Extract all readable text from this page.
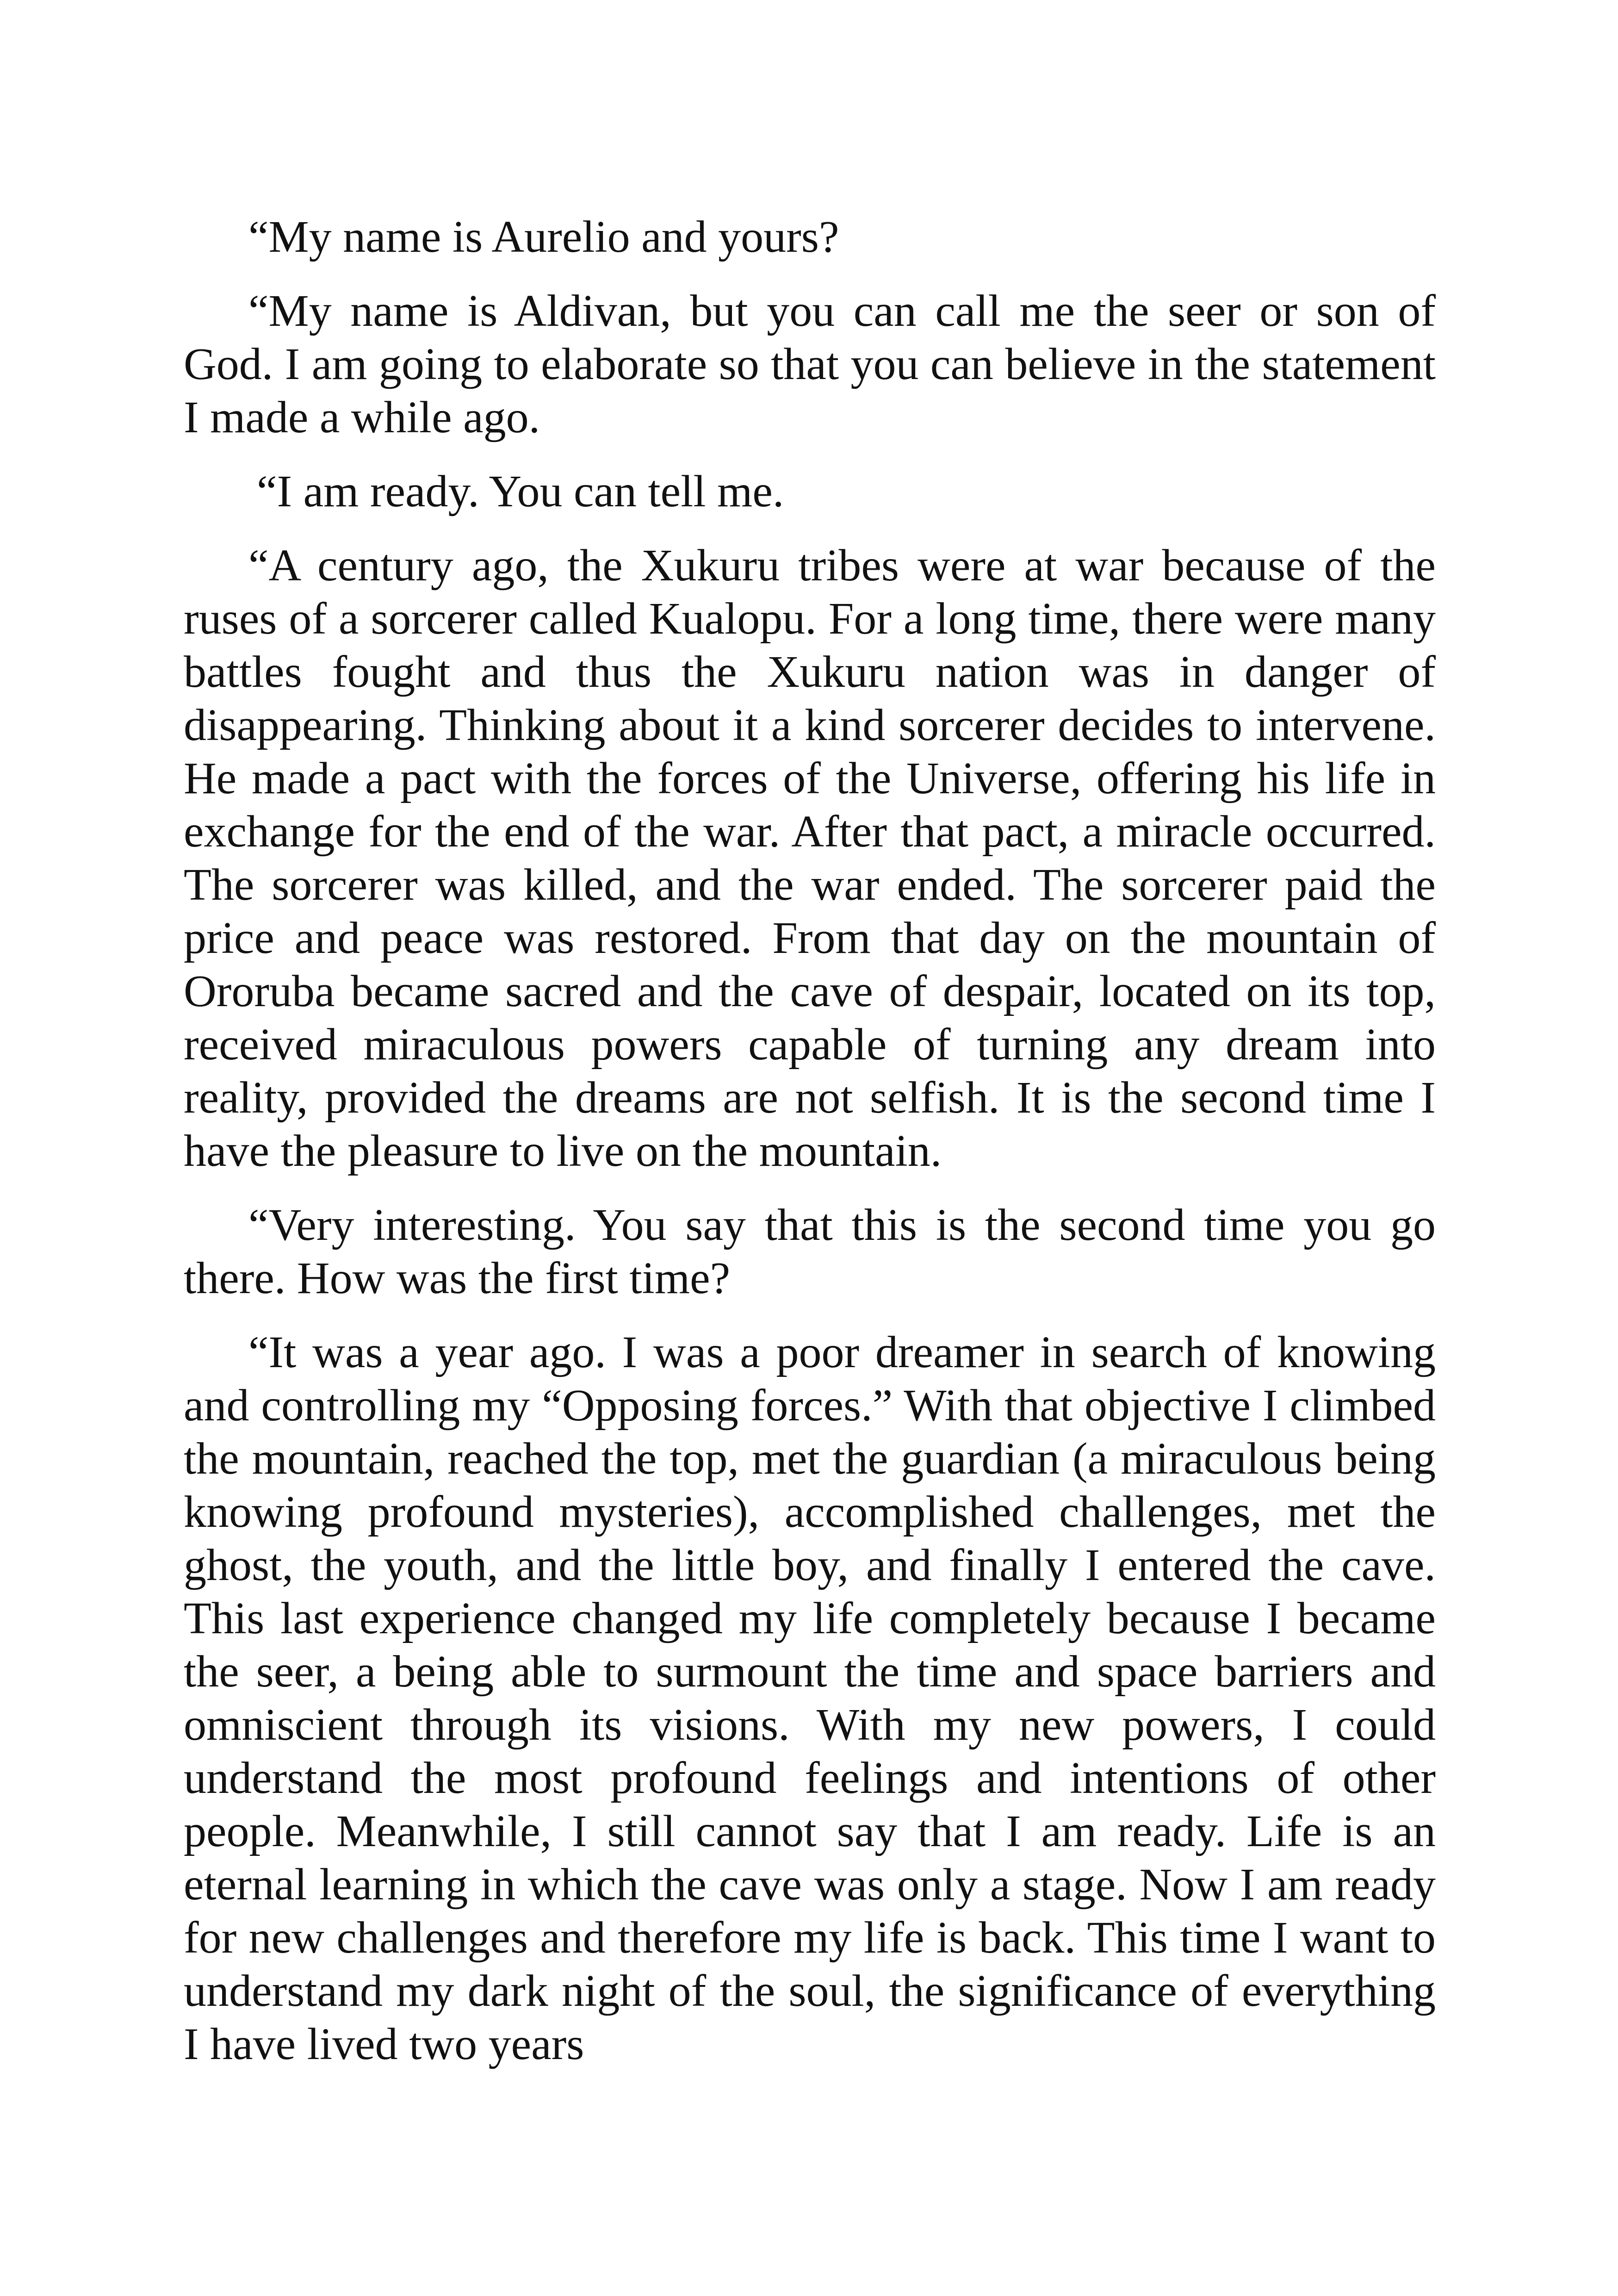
“My name is Aurelio and yours?

“My name is Aldivan, but you can call me the seer or son of God. I am going to elaborate so that you can believe in the statement I made a while ago.

“I am ready. You can tell me.

“A century ago, the Xukuru tribes were at war because of the ruses of a sorcerer called Kualopu. For a long time, there were many battles fought and thus the Xukuru nation was in danger of disappearing. Thinking about it a kind sorcerer decides to intervene. He made a pact with the forces of the Universe, offering his life in exchange for the end of the war. After that pact, a miracle occurred. The sorcerer was killed, and the war ended. The sorcerer paid the price and peace was restored. From that day on the mountain of Ororuba became sacred and the cave of despair, located on its top, received miraculous powers capable of turning any dream into reality, provided the dreams are not selfish. It is the second time I have the pleasure to live on the mountain.

“Very interesting. You say that this is the second time you go there. How was the first time?

“It was a year ago. I was a poor dreamer in search of knowing and controlling my “Opposing forces.” With that objective I climbed the mountain, reached the top, met the guardian (a miraculous being knowing profound mysteries), accomplished challenges, met the ghost, the youth, and the little boy, and finally I entered the cave. This last experience changed my life completely because I became the seer, a being able to surmount the time and space barriers and omniscient through its visions. With my new powers, I could understand the most profound feelings and intentions of other people. Meanwhile, I still cannot say that I am ready. Life is an eternal learning in which the cave was only a stage. Now I am ready for new challenges and therefore my life is back. This time I want to understand my dark night of the soul, the significance of everything I have lived two years
